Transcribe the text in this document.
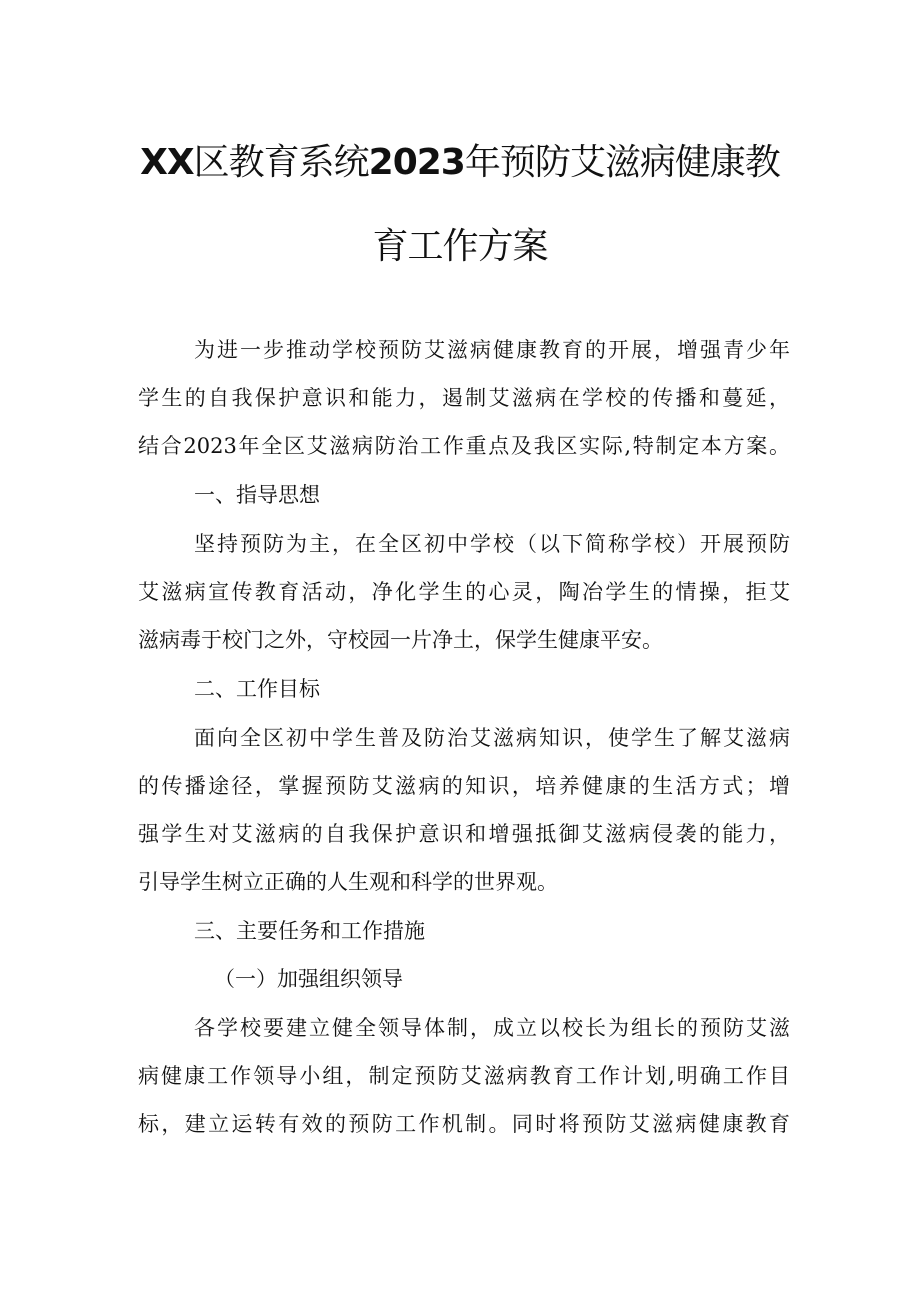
XX区教育系统2023年预防艾滋病健康教
育工作方案
为进一步推动学校预防艾滋病健康教育的开展，增强青少年
学生的自我保护意识和能力，遏制艾滋病在学校的传播和蔓延，
结合2023年全区艾滋病防治工作重点及我区实际,特制定本方案。
一、指导思想
坚持预防为主，在全区初中学校（以下简称学校）开展预防
艾滋病宣传教育活动，净化学生的心灵，陶冶学生的情操，拒艾
滋病毒于校门之外，守校园一片净土，保学生健康平安。
二、工作目标
面向全区初中学生普及防治艾滋病知识，使学生了解艾滋病
的传播途径，掌握预防艾滋病的知识，培养健康的生活方式；增
强学生对艾滋病的自我保护意识和增强抵御艾滋病侵袭的能力，
引导学生树立正确的人生观和科学的世界观。
三、主要任务和工作措施
（一）加强组织领导
各学校要建立健全领导体制，成立以校长为组长的预防艾滋
病健康工作领导小组，制定预防艾滋病教育工作计划,明确工作目
标，建立运转有效的预防工作机制。同时将预防艾滋病健康教育
